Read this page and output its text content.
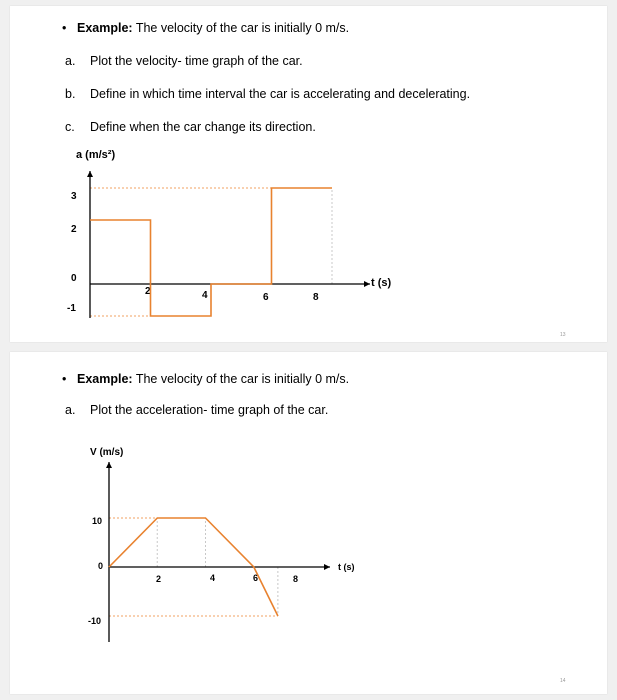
• Example: The velocity of the car is initially 0 m/s.
a. Plot the velocity- time graph of the car.
b. Define in which time interval the car is accelerating and decelerating.
c. Define when the car change its direction.
13
a (m/s²)
t (s)
3
2
0
-1
2	4	6	8
• Example: The velocity of the car is initially 0 m/s.
a. Plot the acceleration- time graph of the car.
14
V (m/s)
t (s)
10
0
-10
2	4	6	8
